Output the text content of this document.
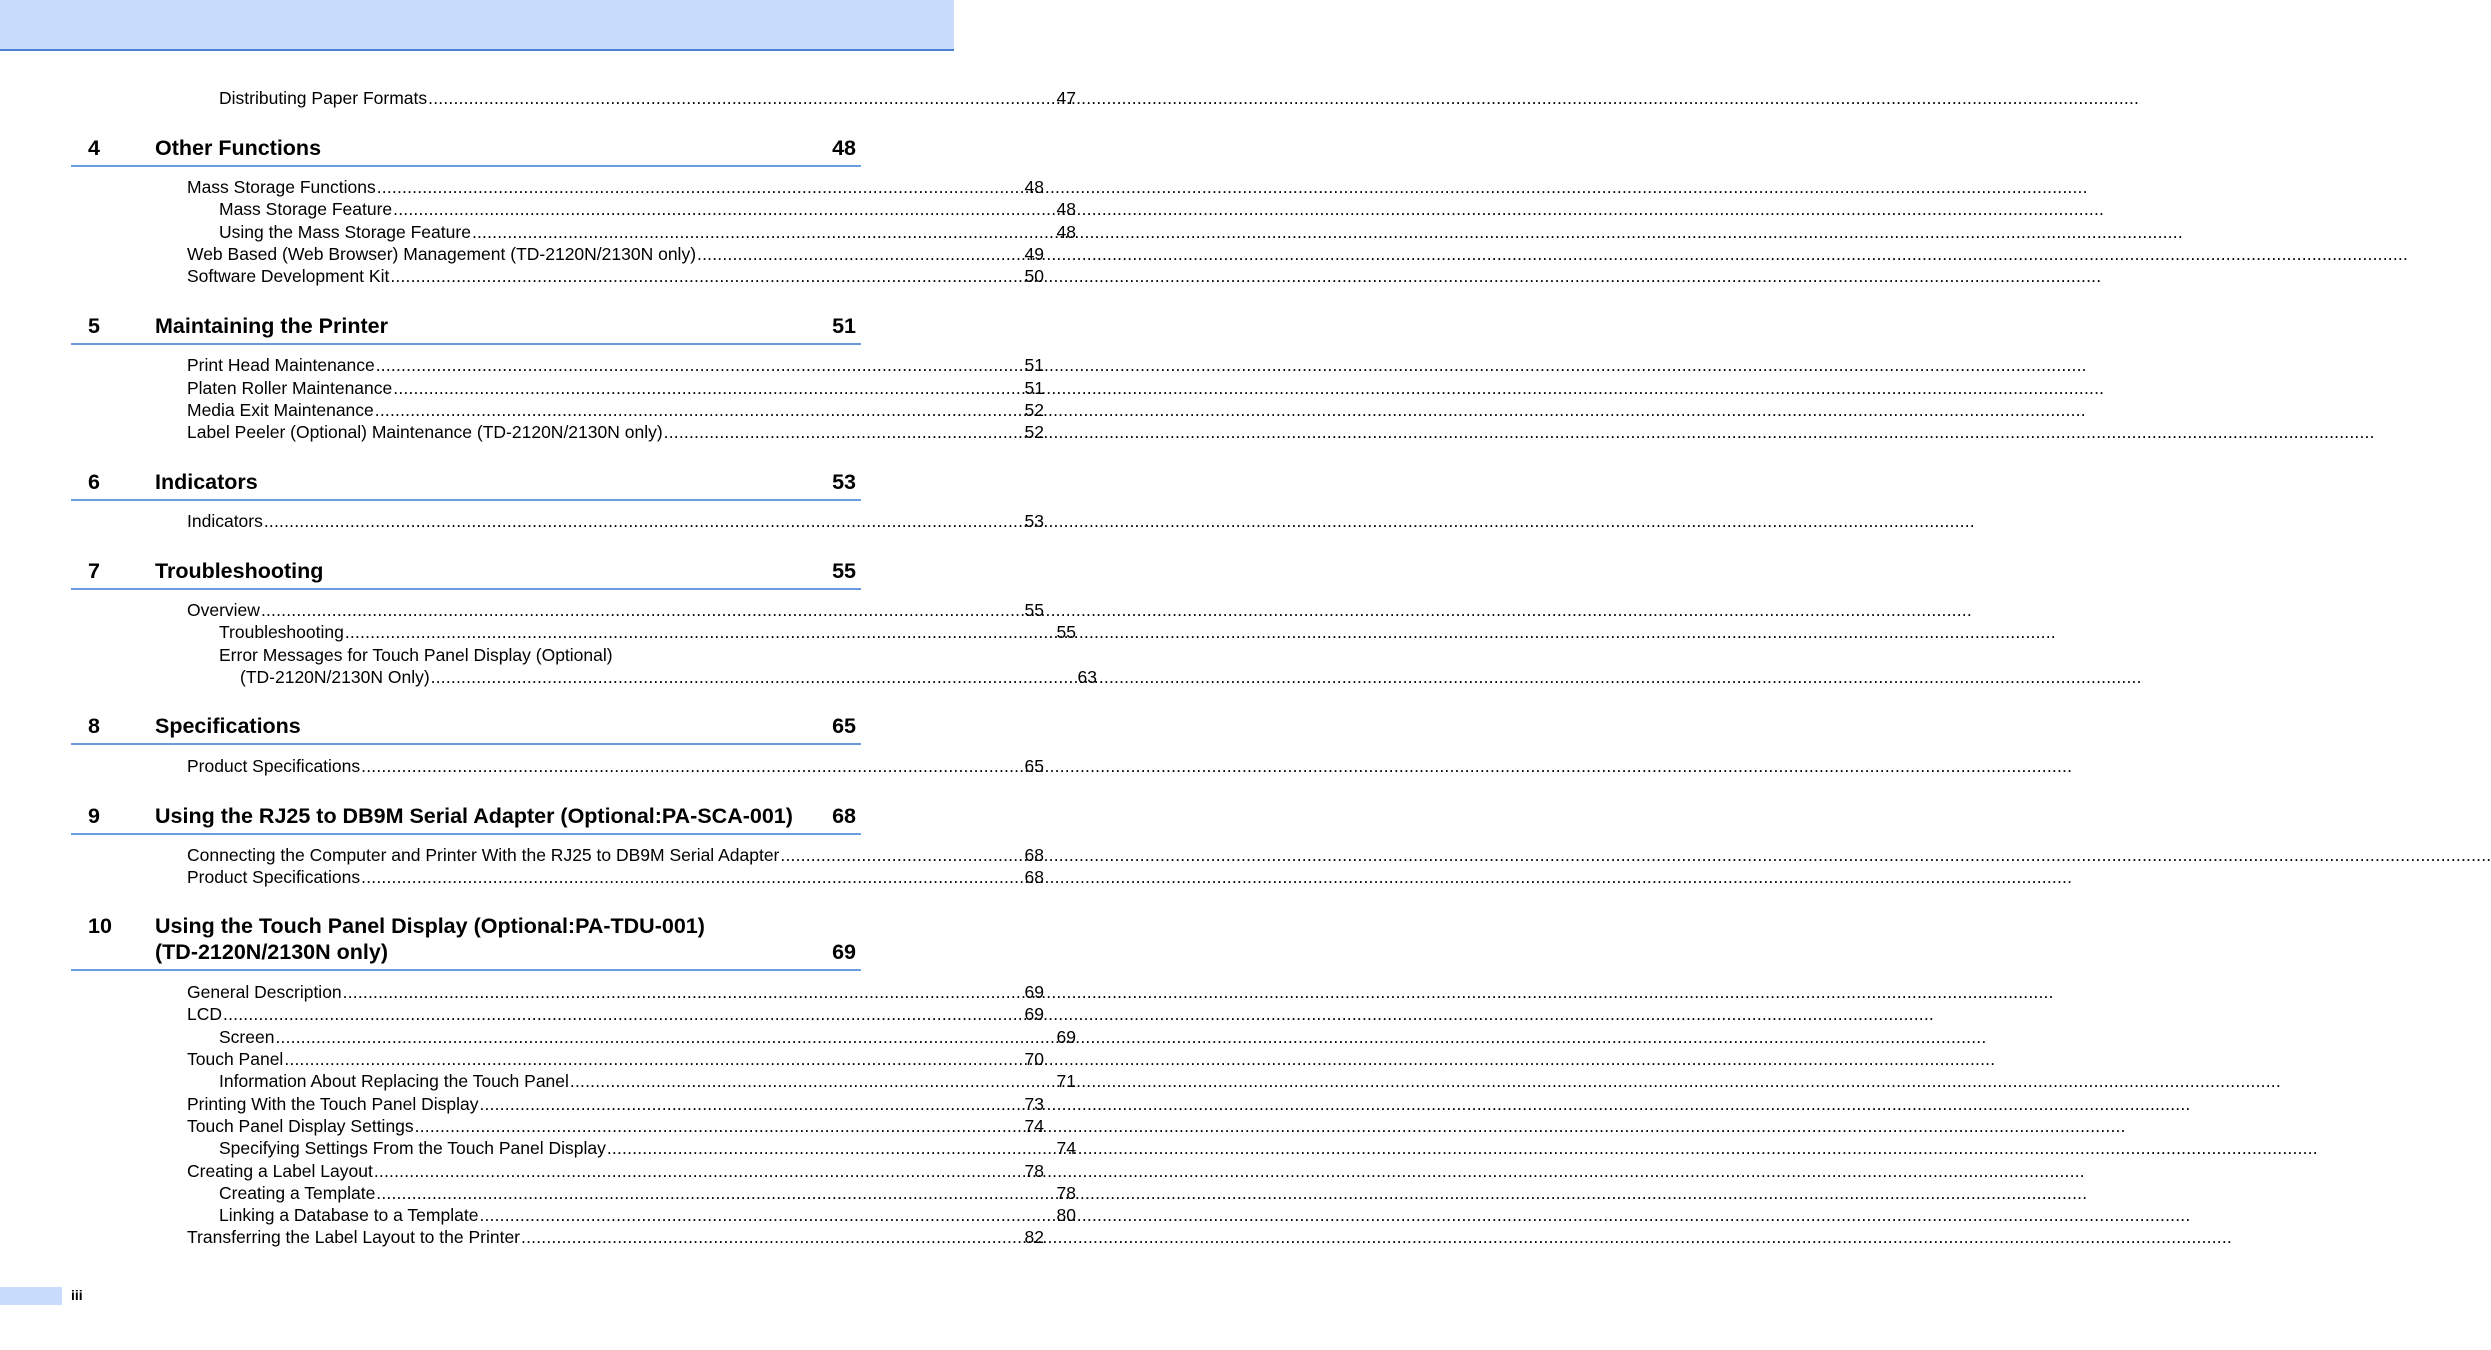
Distributing Paper Formats .....	47
4	Other Functions	48
Mass Storage Functions .....	48
Mass Storage Feature .....	48
Using the Mass Storage Feature .....	48
Web Based (Web Browser) Management (TD-2120N/2130N only) .....	49
Software Development Kit .....	50
5	Maintaining the Printer	51
Print Head Maintenance .....	51
Platen Roller Maintenance .....	51
Media Exit Maintenance .....	52
Label Peeler (Optional) Maintenance (TD-2120N/2130N only) .....	52
6	Indicators	53
Indicators .....	53
7	Troubleshooting	55
Overview .....	55
Troubleshooting .....	55
Error Messages for Touch Panel Display (Optional)
(TD-2120N/2130N Only) .....	63
8	Specifications	65
Product Specifications .....	65
9	Using the RJ25 to DB9M Serial Adapter (Optional:PA-SCA-001) 68
Connecting the Computer and Printer With the RJ25 to DB9M Serial Adapter .....	68
Product Specifications .....	68
10 Using the Touch Panel Display (Optional:PA-TDU-001)
(TD-2120N/2130N only)	69
General Description .....	69
LCD .....	69
Screen .....	69
Touch Panel .....	70
Information About Replacing the Touch Panel .....	71
Printing With the Touch Panel Display .....	73
Touch Panel Display Settings .....	74
Specifying Settings From the Touch Panel Display .....	74
Creating a Label Layout .....	78
Creating a Template .....	78
Linking a Database to a Template .....	80
Transferring the Label Layout to the Printer .....	82
iii
